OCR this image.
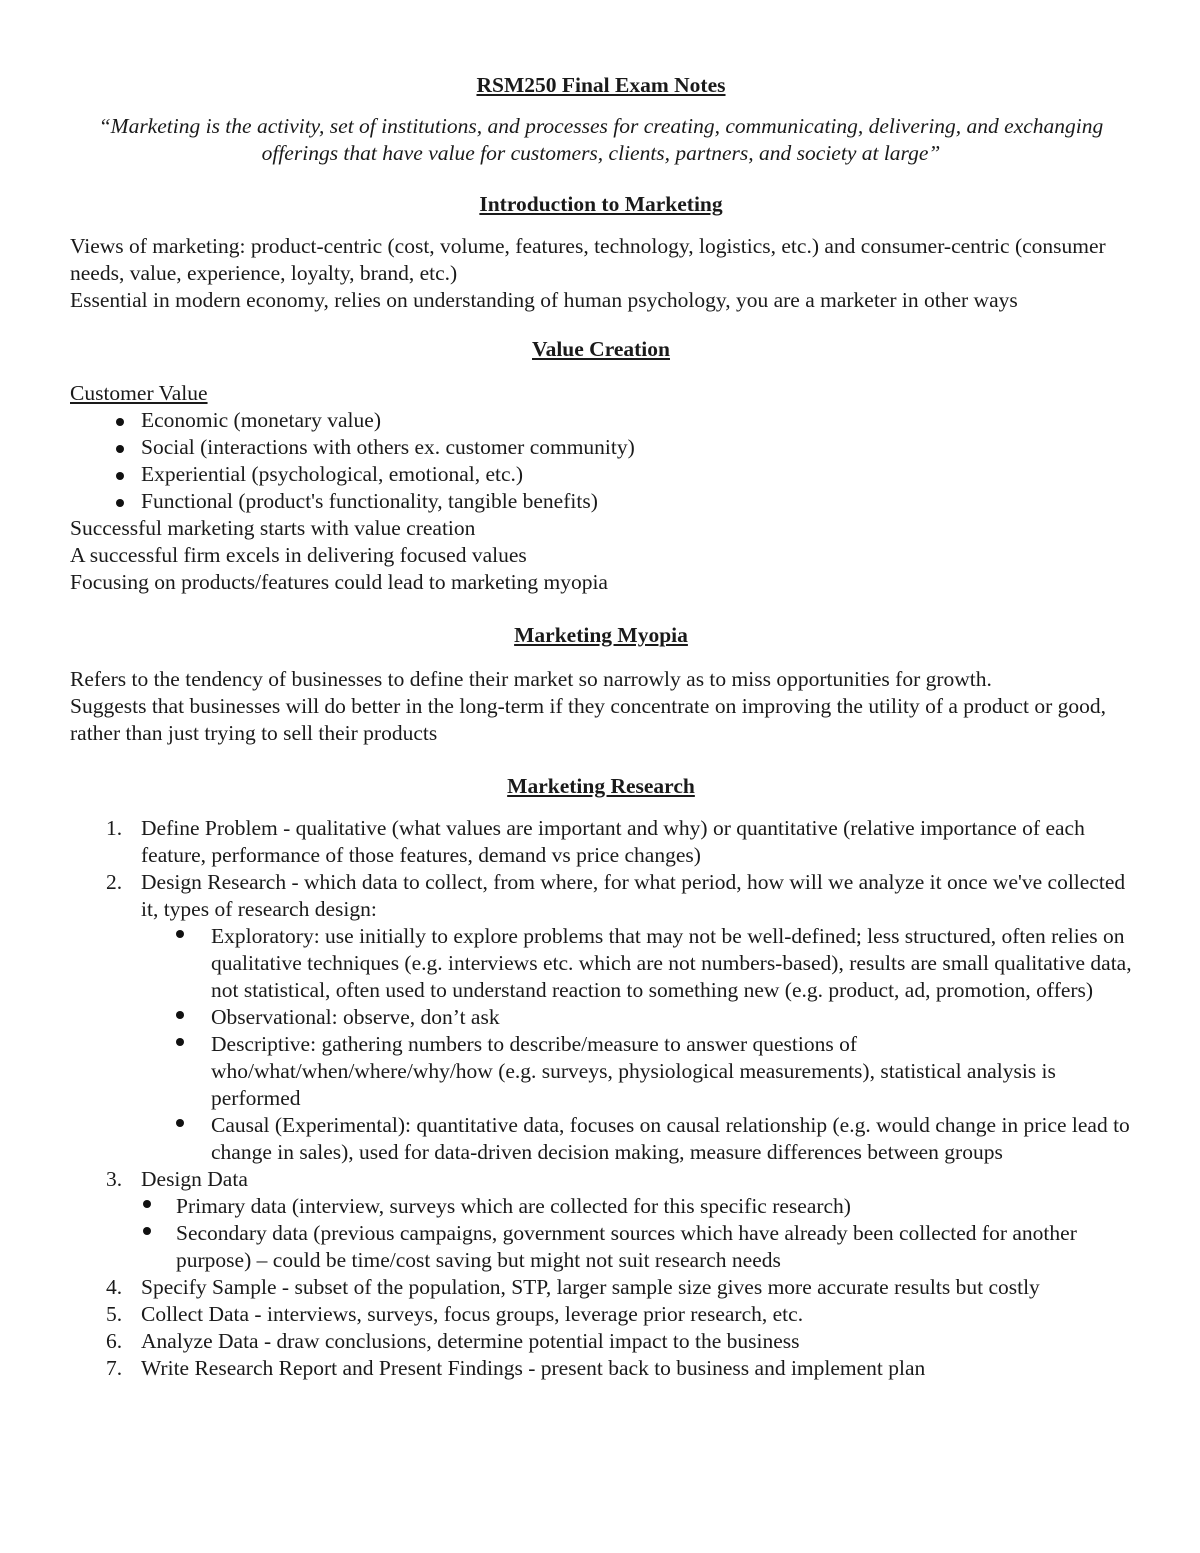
RSM250 Final Exam Notes
“Marketing is the activity, set of institutions, and processes for creating, communicating, delivering, and exchanging offerings that have value for customers, clients, partners, and society at large”
Introduction to Marketing

Views of marketing: product-centric (cost, volume, features, technology, logistics, etc.) and consumer-centric (consumer needs, value, experience, loyalty, brand, etc.)

Essential in modern economy, relies on understanding of human psychology, you are a marketer in other ways

Value Creation

Customer Value

Economic (monetary value)
Social (interactions with others ex. customer community)
Experiential (psychological, emotional, etc.)
Functional (product's functionality, tangible benefits)

Successful marketing starts with value creation

A successful firm excels in delivering focused values

Focusing on products/features could lead to marketing myopia

Marketing Myopia

Refers to the tendency of businesses to define their market so narrowly as to miss opportunities for growth.

Suggests that businesses will do better in the long-term if they concentrate on improving the utility of a product or good, rather than just trying to sell their products

Marketing Research
1. Define Problem - qualitative (what values are important and why) or quantitative (relative importance of each feature, performance of those features, demand vs price changes)
2. Design Research - which data to collect, from where, for what period, how will we analyze it once we've collected it, types of research design:
Exploratory: use initially to explore problems that may not be well-defined; less structured, often relies on qualitative techniques (e.g. interviews etc. which are not numbers-based), results are small qualitative data, not statistical, often used to understand reaction to something new (e.g. product, ad, promotion, offers)
Observational: observe, don’t ask
Descriptive: gathering numbers to describe/measure to answer questions of who/what/when/where/why/how (e.g. surveys, physiological measurements), statistical analysis is performed
Causal (Experimental): quantitative data, focuses on causal relationship (e.g. would change in price lead to change in sales), used for data-driven decision making, measure differences between groups
3. Design Data
Primary data (interview, surveys which are collected for this specific research)
Secondary data (previous campaigns, government sources which have already been collected for another purpose) – could be time/cost saving but might not suit research needs
4. Specify Sample - subset of the population, STP, larger sample size gives more accurate results but costly
5. Collect Data - interviews, surveys, focus groups, leverage prior research, etc.
6. Analyze Data - draw conclusions, determine potential impact to the business
7. Write Research Report and Present Findings - present back to business and implement plan
